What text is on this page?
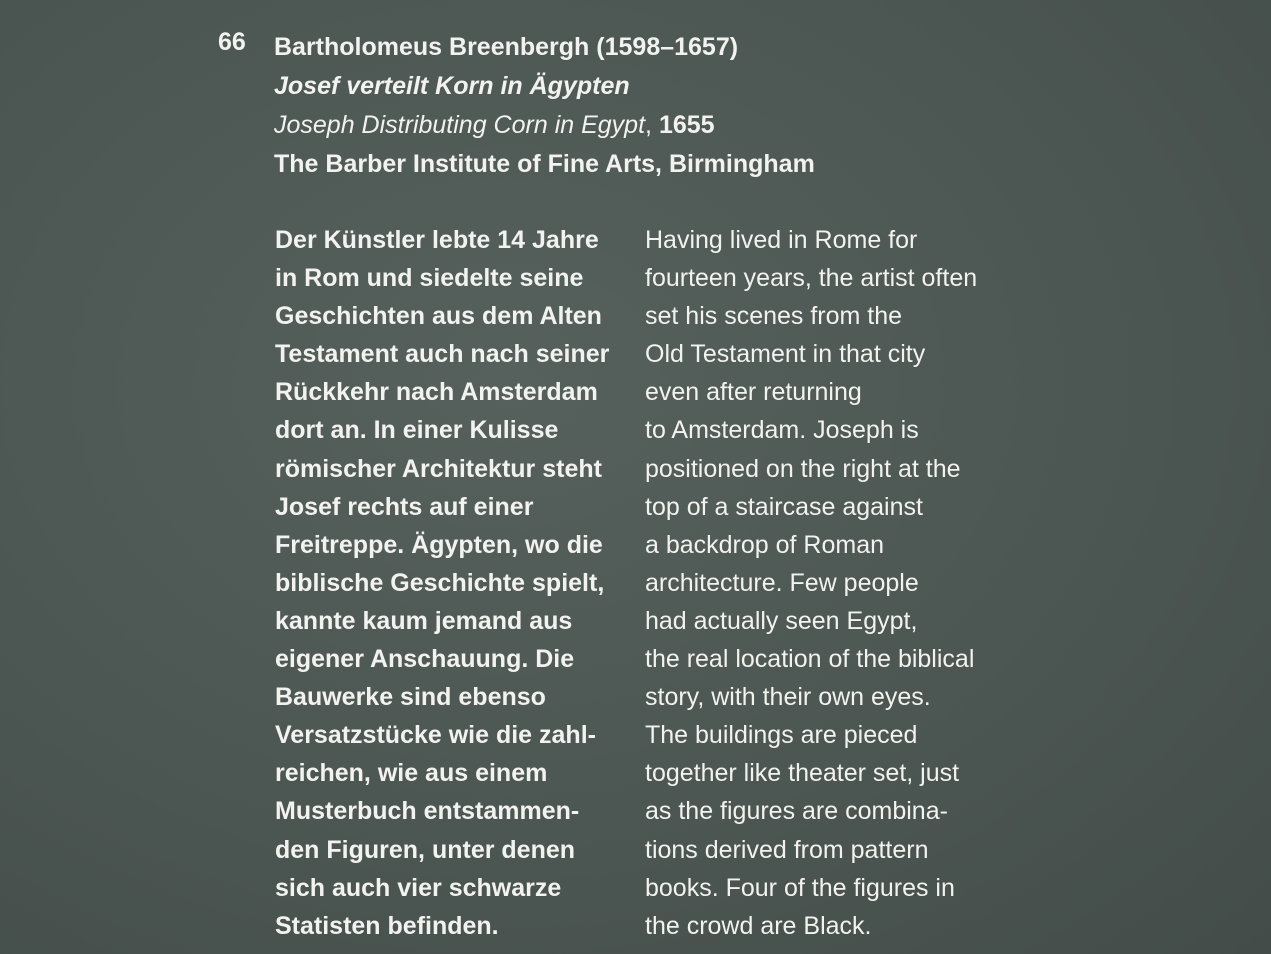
66 Bartholomeus Breenbergh (1598–1657)
Josef verteilt Korn in Ägypten
Joseph Distributing Corn in Egypt, 1655
The Barber Institute of Fine Arts, Birmingham
Der Künstler lebte 14 Jahre
in Rom und siedelte seine
Geschichten aus dem Alten
Testament auch nach seiner
Rückkehr nach Amsterdam
dort an. In einer Kulisse
römischer Architektur steht
Josef rechts auf einer
Freitreppe. Ägypten, wo die
biblische Geschichte spielt,
kannte kaum jemand aus
eigener Anschauung. Die
Bauwerke sind ebenso
Versatzstücke wie die zahl-
reichen, wie aus einem
Musterbuch entstammen-
den Figuren, unter denen
sich auch vier schwarze
Statisten befinden.
Having lived in Rome for
fourteen years, the artist often
set his scenes from the
Old Testament in that city
even after returning
to Amsterdam. Joseph is
positioned on the right at the
top of a staircase against
a backdrop of Roman
architecture. Few people
had actually seen Egypt,
the real location of the biblical
story, with their own eyes.
The buildings are pieced
together like theater set, just
as the figures are combina-
tions derived from pattern
books. Four of the figures in
the crowd are Black.
